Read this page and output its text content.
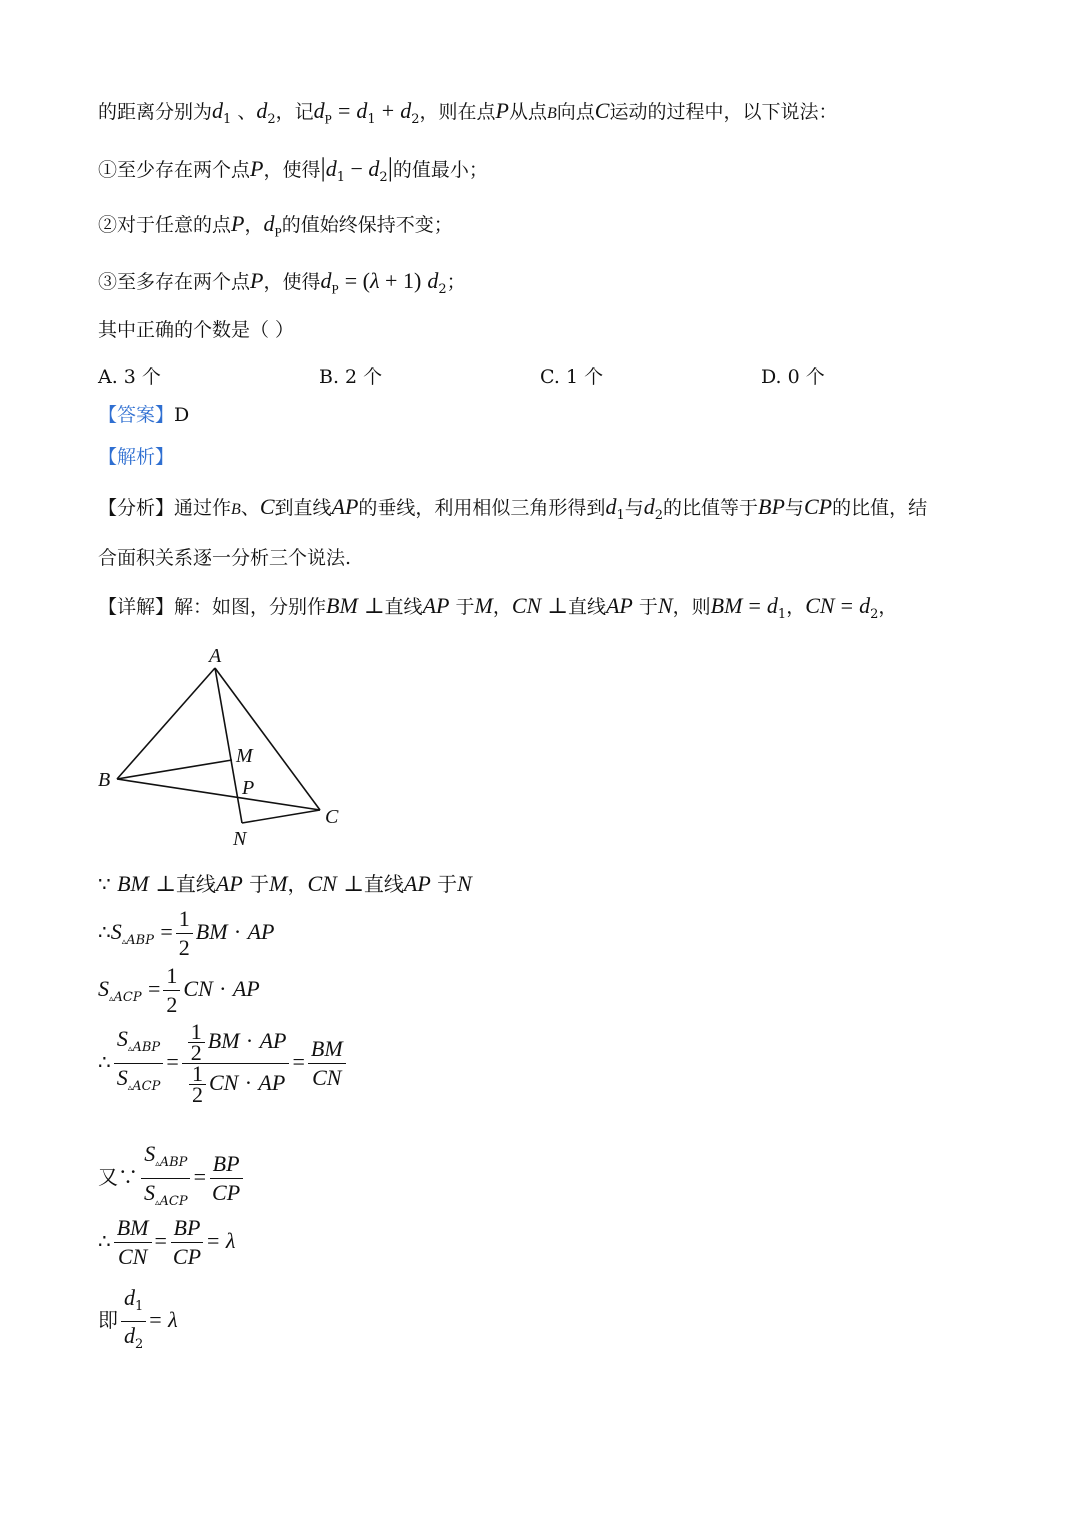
的距离分别为$d_1$ 、$d_2$，记$d_P = d_1 + d_2$，则在点P从点B向点C运动的过程中，以下说法：
①至少存在两个点P，使得$|d_1 - d_2|$的值最小；
②对于任意的点P，$d_P$的值始终保持不变；
③至多存在两个点P，使得$d_P = (\lambda + 1)$ $d_2$；
其中正确的个数是（ ）
A. 3 个	B. 2 个	C. 1 个	D. 0 个
【答案】D
【解析】
【分析】通过作B、C到直线AP的垂线，利用相似三角形得到$d_1$与$d_2$的比值等于BP与CP的比值，结
合面积关系逐一分析三个说法.
【详解】解：如图，分别作BM ⊥直线AP 于M，CN ⊥直线AP 于N，则BM = $d_1$，CN = $d_2$，
A
M
B	P
C
N
∵ BM ⊥直线AP 于M，CN ⊥直线AP 于N
$\therefore S_{▵ABP} = \frac{1}{2}$ BM · AP
$S_{▵ACP} = \frac{1}{2}$ CN · AP
∴ $\frac{S_{▵ABP}}{S_{▵ACP}} = \frac{\frac{1}{2} BM \cdot AP}{\frac{1}{2} CN \cdot AP} = \frac{BM}{CN}$
又∵ $\frac{S_{▵ABP}}{S_{▵ACP}} = \frac{BP}{CP}$
∴ $\frac{BM}{CN} = \frac{BP}{CP} = \lambda$
即 $\frac{d_1}{d_2} = \lambda$
